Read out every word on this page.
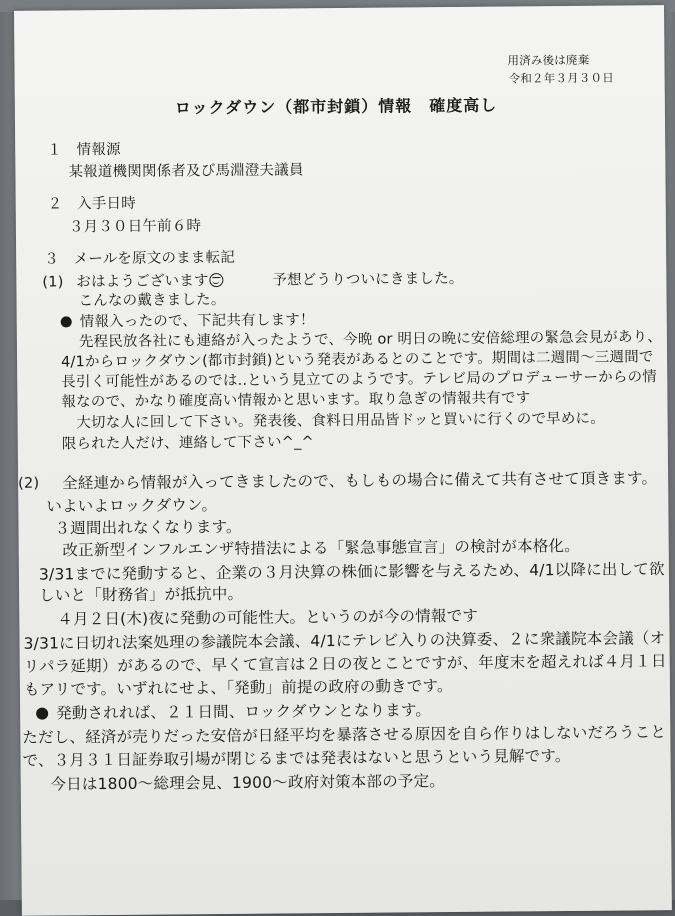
用済み後は廃棄
令和２年３月３０日
ロックダウン（都市封鎖）情報　確度高し
１　情報源
某報道機関関係者及び馬淵澄夫議員
２　入手日時
３月３０日午前６時
３　メールを原文のまま転記
(1) おはようございます	予想どうりついにきました。
こんなの戴きました。
情報入ったので、下記共有します！
先程民放各社にも連絡が入ったようで、今晩 or 明日の晩に安倍総理の緊急会見があり、
4/1からロックダウン(都市封鎖)という発表があるとのことです。期間は二週間〜三週間で
長引く可能性があるのでは..という見立てのようです。テレビ局のプロデューサーからの情
報なので、かなり確度高い情報かと思います。取り急ぎの情報共有です
　大切な人に回して下さい。発表後、食料日用品皆ドッと買いに行くので早めに。
限られた人だけ、連絡して下さい^_^
(2) 全経連から情報が入ってきましたので、もしもの場合に備えて共有させて頂きます。
いよいよロックダウン。
３週間出れなくなります。
　改正新型インフルエンザ特措法による「緊急事態宣言」の検討が本格化。
3/31までに発動すると、企業の３月決算の株価に影響を与えるため、4/1以降に出して欲
しいと「財務省」が抵抗中。
４月２日(木)夜に発動の可能性大。というのが今の情報です
3/31に日切れ法案処理の参議院本会議、4/1にテレビ入りの決算委、２に衆議院本会議（オ
リパラ延期）があるので、早くて宣言は２日の夜とことですが、年度末を超えれば４月１日
もアリです。いずれにせよ、「発動」前提の政府の動きです。
発動されれば、２１日間、ロックダウンとなります。
ただし、経済が売りだった安倍が日経平均を暴落させる原因を自ら作りはしないだろうこと
で、３月３１日証券取引場が閉じるまでは発表はないと思うという見解です。
　今日は1800〜総理会見、1900〜政府対策本部の予定。
